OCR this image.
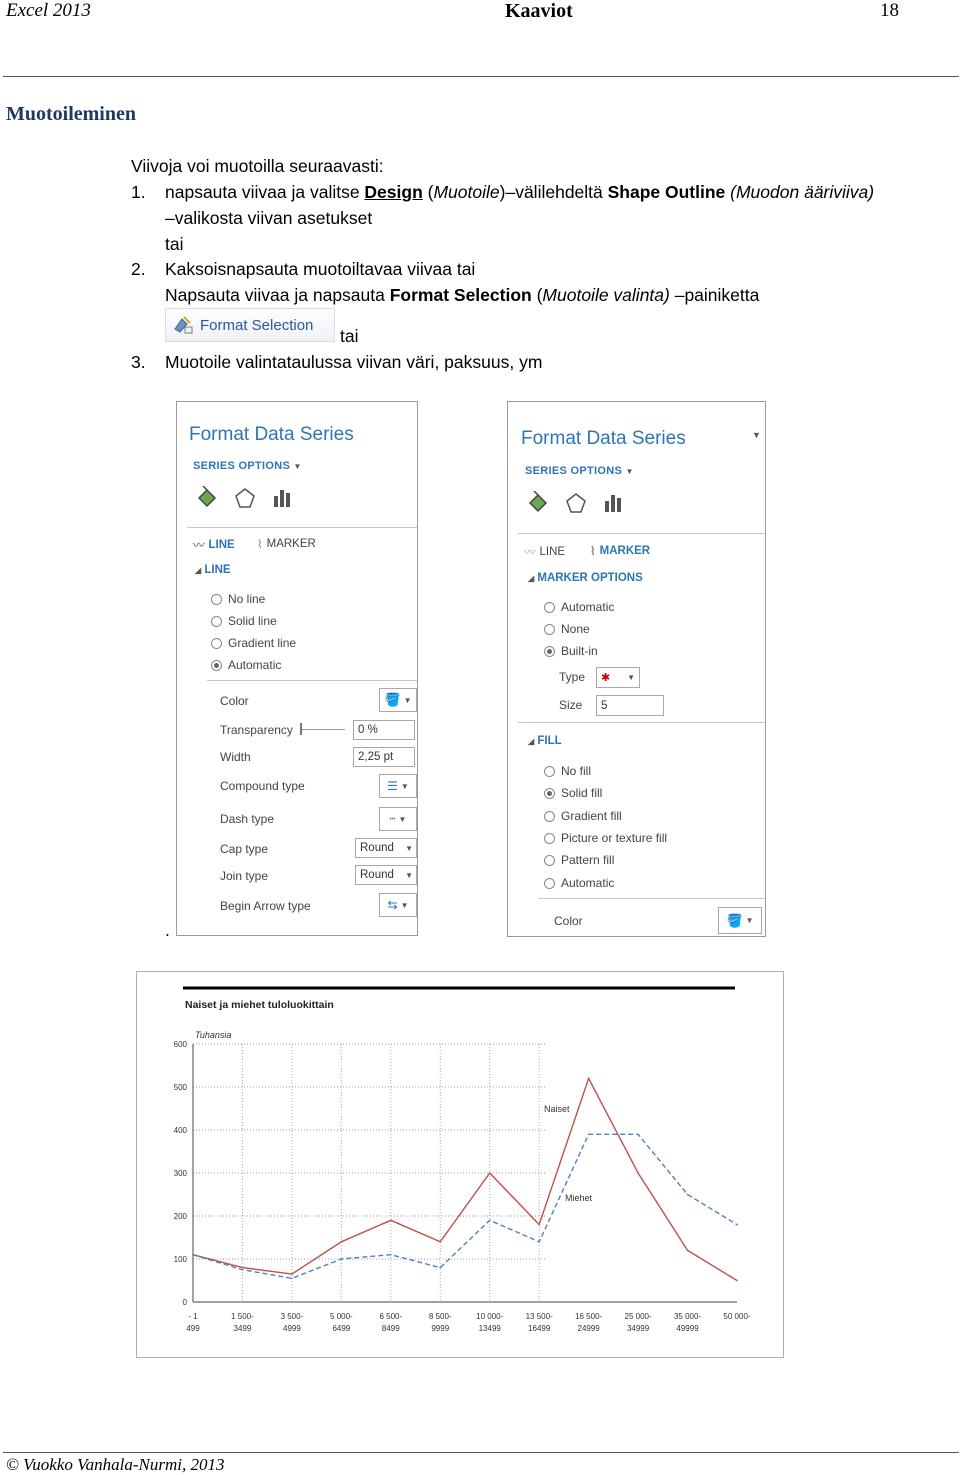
Excel 2013	Kaaviot	18
Muotoileminen
Viivoja voi muotoilla seuraavasti:
1. napsauta viivaa ja valitse Design (Muotoile)–välilehdeltä Shape Outline (Muodon ääriviiva)
–valikosta viivan asetukset
tai
2. Kaksoisnapsauta muotoiltavaa viivaa tai
Napsauta viivaa ja napsauta Format Selection (Muotoile valinta) –painiketta
Format Selection
tai
3. Muotoile valintataulussa viivan väri, paksuus, ym
Format Data Series
SERIES OPTIONS ▼
〰 LINE ⌇ MARKER
◢ LINE
No line
Solid line
Gradient line
Automatic
Color	🪣 ▼
Transparency	0 %
Width	2,25 pt
Compound type	☰ ▼
Dash type	┅ ▼
Cap type	Round ▼
Join type	Round ▼
Begin Arrow type	⇆ ▼
Format Data Series	▼
SERIES OPTIONS ▼
〰 LINE ⌇ MARKER
◢ MARKER OPTIONS
Automatic
None
Built-in
Type ✱ ▼
Size 5
◢ FILL
No fill
Solid fill
Gradient fill
Picture or texture fill
Pattern fill
Automatic
Color	🪣 ▼
.
Naiset ja miehet tuloluokittain
Tuhansia
0
100
200
300
400
500
600
- 1
499
1 500-
3499
3 500-
4999
5 000-
6499
6 500-
8499
8 500-
9999
10 000-
13499
13 500-
16499
16 500-
24999
25 000-
34999
35 000-
49999
50 000-
Naiset
Miehet
© Vuokko Vanhala-Nurmi, 2013
